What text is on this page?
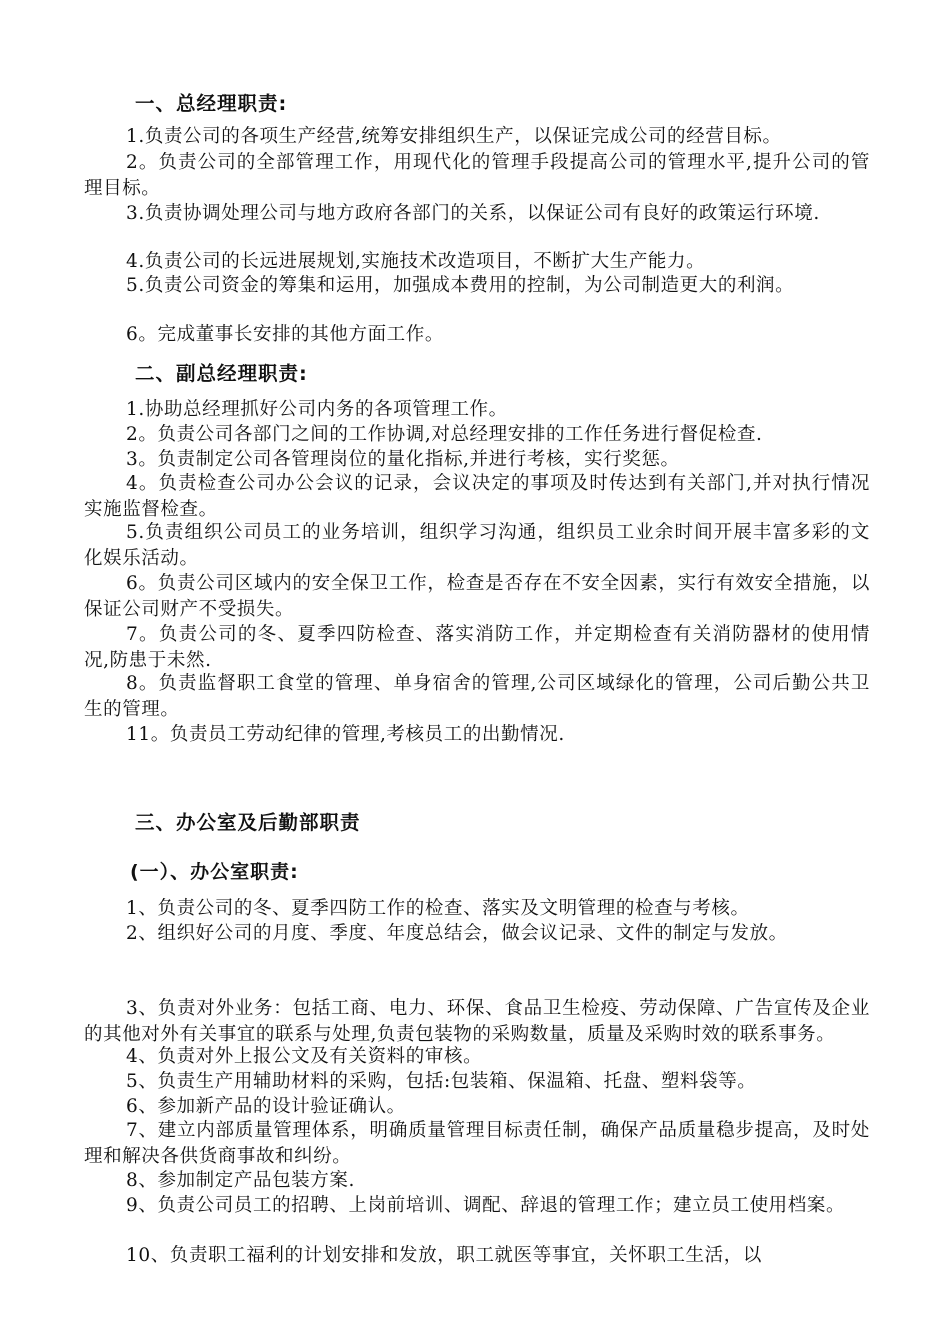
一、总经理职责:

1.负责公司的各项生产经营,统筹安排组织生产，以保证完成公司的经营目标。

2。负责公司的全部管理工作，用现代化的管理手段提高公司的管理水平,提升公司的管理目标。

3.负责协调处理公司与地方政府各部门的关系，以保证公司有良好的政策运行环境.

4.负责公司的长远进展规划,实施技术改造项目，不断扩大生产能力。

5.负责公司资金的筹集和运用，加强成本费用的控制，为公司制造更大的利润。

6。完成董事长安排的其他方面工作。

二、副总经理职责:

1.协助总经理抓好公司内务的各项管理工作。

2。负责公司各部门之间的工作协调,对总经理安排的工作任务进行督促检查.

3。负责制定公司各管理岗位的量化指标,并进行考核，实行奖惩。

4。负责检查公司办公会议的记录，会议决定的事项及时传达到有关部门,并对执行情况实施监督检查。

5.负责组织公司员工的业务培训，组织学习沟通，组织员工业余时间开展丰富多彩的文化娱乐活动。

6。负责公司区域内的安全保卫工作，检查是否存在不安全因素，实行有效安全措施，以保证公司财产不受损失。

7。负责公司的冬、夏季四防检查、落实消防工作，并定期检查有关消防器材的使用情况,防患于未然.

8。负责监督职工食堂的管理、单身宿舍的管理,公司区域绿化的管理，公司后勤公共卫生的管理。

11。负责员工劳动纪律的管理,考核员工的出勤情况.

三、办公室及后勤部职责
(一）、办公室职责:

1、负责公司的冬、夏季四防工作的检查、落实及文明管理的检查与考核。

2、组织好公司的月度、季度、年度总结会，做会议记录、文件的制定与发放。

3、负责对外业务：包括工商、电力、环保、食品卫生检疫、劳动保障、广告宣传及企业的其他对外有关事宜的联系与处理,负责包装物的采购数量，质量及采购时效的联系事务。

4、负责对外上报公文及有关资料的审核。

5、负责生产用辅助材料的采购，包括:包装箱、保温箱、托盘、塑料袋等。

6、参加新产品的设计验证确认。

7、建立内部质量管理体系，明确质量管理目标责任制，确保产品质量稳步提高，及时处理和解决各供货商事故和纠纷。

8、参加制定产品包装方案.

9、负责公司员工的招聘、上岗前培训、调配、辞退的管理工作；建立员工使用档案。

10、负责职工福利的计划安排和发放，职工就医等事宜，关怀职工生活，以
